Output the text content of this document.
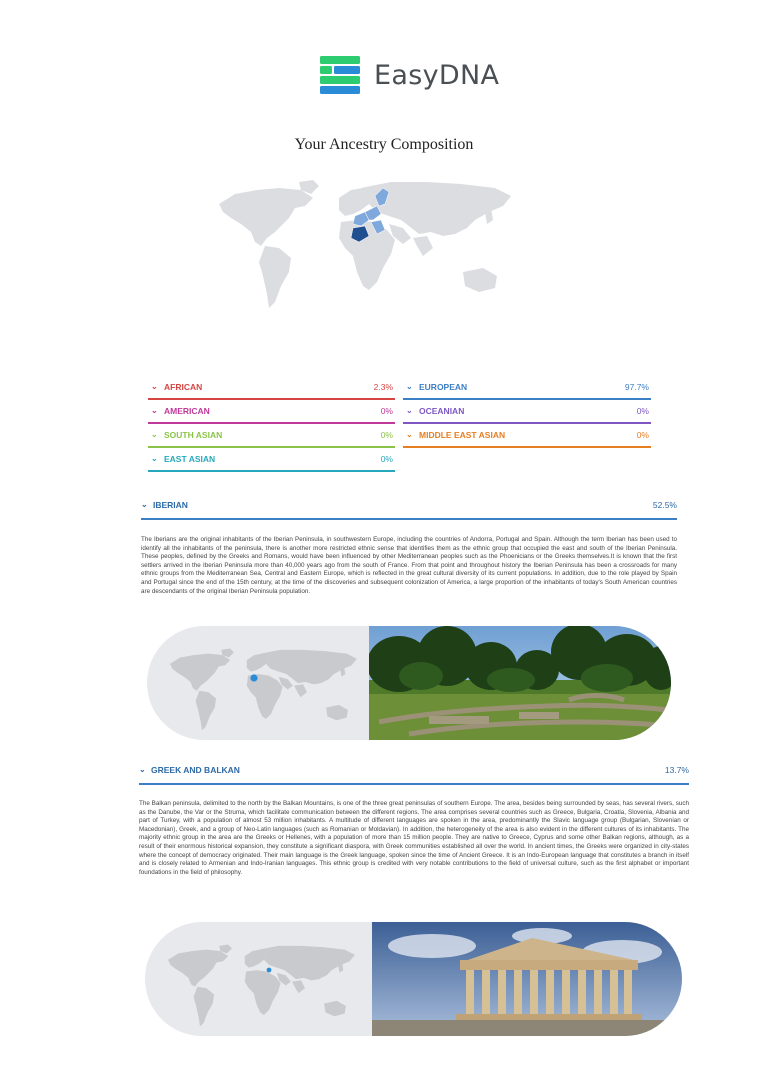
EasyDNA
Your Ancestry Composition
⌄ AFRICAN	2.3%
⌄ AMERICAN	0%
⌄ SOUTH ASIAN	0%
⌄ EAST ASIAN	0%
⌄ EUROPEAN	97.7%
⌄ OCEANIAN	0%
⌄ MIDDLE EAST ASIAN	0%
⌄ IBERIAN	52.5%
The Iberians are the original inhabitants of the Iberian Peninsula, in southwestern Europe, including the countries of Andorra, Portugal and Spain. Although the term Iberian has been used to identify all the inhabitants of the peninsula, there is another more restricted ethnic sense that identifies them as the ethnic group that occupied the east and south of the Iberian Peninsula. These peoples, defined by the Greeks and Romans, would have been influenced by other Mediterranean peoples such as the Phoenicians or the Greeks themselves.It is known that the first settlers arrived in the Iberian Peninsula more than 40,000 years ago from the south of France. From that point and throughout history the Iberian Peninsula has been a crossroads for many ethnic groups from the Mediterranean Sea, Central and Eastern Europe, which is reflected in the great cultural diversity of its current populations. In addition, due to the role played by Spain and Portugal since the end of the 15th century, at the time of the discoveries and subsequent colonization of America, a large proportion of the inhabitants of today's South American countries are descendants of the original Iberian Peninsula population.
⌄ GREEK AND BALKAN	13.7%
The Balkan peninsula, delimited to the north by the Balkan Mountains, is one of the three great peninsulas of southern Europe. The area, besides being surrounded by seas, has several rivers, such as the Danube, the Var or the Struma, which facilitate communication between the different regions. The area comprises several countries such as Greece, Bulgaria, Croatia, Slovenia, Albania and part of Turkey, with a population of almost 53 million inhabitants. A multitude of different languages are spoken in the area, predominantly the Slavic language group (Bulgarian, Slovenian or Macedonian), Greek, and a group of Neo-Latin languages (such as Romanian or Moldavian). In addition, the heterogeneity of the area is also evident in the different cultures of its inhabitants. The majority ethnic group in the area are the Greeks or Hellenes, with a population of more than 15 million people. They are native to Greece, Cyprus and some other Balkan regions, although, as a result of their enormous historical expansion, they constitute a significant diaspora, with Greek communities established all over the world. In ancient times, the Greeks were organized in city-states where the concept of democracy originated. Their main language is the Greek language, spoken since the time of Ancient Greece. It is an Indo-European language that constitutes a branch in itself and is closely related to Armenian and Indo-Iranian languages. This ethnic group is credited with very notable contributions to the field of universal culture, such as the first alphabet or important foundations in the field of philosophy.
